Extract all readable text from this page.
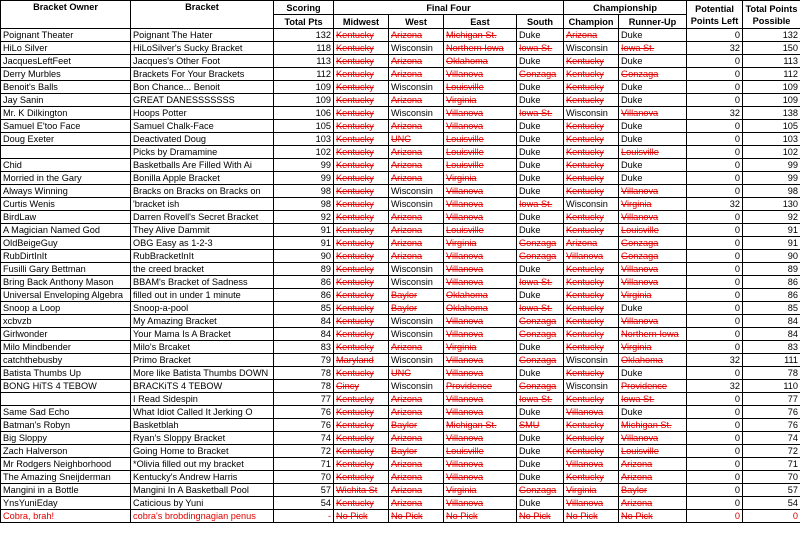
Bracket Owner	Bracket	Scoring	Final Four				Championship		Potential Points Left	Total Points Possible
		Total Pts	Midwest	West	East	South	Champion	Runner-Up		
Poignant Theater	Poignant The Hater	132	Kentucky	Arizona	Michigan St.	Duke	Arizona	Duke	0	132
HiLo Silver	HiLoSilver's Sucky Bracket	118	Kentucky	Wisconsin	Northern Iowa	Iowa St.	Wisconsin	Iowa St.	32	150
JacquesLeftFeet	Jacques's Other Foot	113	Kentucky	Arizona	Oklahoma	Duke	Kentucky	Duke	0	113
Derry Murbles	Brackets For Your Brackets	112	Kentucky	Arizona	Villanova	Gonzaga	Kentucky	Gonzaga	0	112
Benoit's Balls	Bon Chance... Benoit	109	Kentucky	Wisconsin	Louisville	Duke	Kentucky	Duke	0	109
Jay Sanin	GREAT DANESSSSSSS	109	Kentucky	Arizona	Virginia	Duke	Kentucky	Duke	0	109
Mr. K Dilkington	Hoops Potter	106	Kentucky	Wisconsin	Villanova	Iowa St.	Wisconsin	Villanova	32	138
Samuel E'too Face	Samuel Chalk-Face	105	Kentucky	Arizona	Villanova	Duke	Kentucky	Duke	0	105
Doug Exeter	Deactivated Doug	103	Kentucky	UNC	Louisville	Duke	Kentucky	Duke	0	103
	Picks by Dramamine	102	Kentucky	Arizona	Louisville	Duke	Kentucky	Louisville	0	102
Chid	Basketballs Are Filled With Ai	99	Kentucky	Arizona	Louisville	Duke	Kentucky	Duke	0	99
Morried in the Gary	Bonilla Apple Bracket	99	Kentucky	Arizona	Virginia	Duke	Kentucky	Duke	0	99
Always Winning	Bracks on Bracks on Bracks on	98	Kentucky	Wisconsin	Villanova	Duke	Kentucky	Villanova	0	98
Curtis Wenis	'bracket ish	98	Kentucky	Wisconsin	Villanova	Iowa St.	Wisconsin	Virginia	32	130
BirdLaw	Darren Rovell's Secret Bracket	92	Kentucky	Arizona	Villanova	Duke	Kentucky	Villanova	0	92
A Magician Named God	They Alive Dammit	91	Kentucky	Arizona	Louisville	Duke	Kentucky	Louisville	0	91
OldBeigeGuy	OBG Easy as 1-2-3	91	Kentucky	Arizona	Virginia	Gonzaga	Arizona	Gonzaga	0	91
RubDirtInIt	RubBracketInIt	90	Kentucky	Arizona	Villanova	Gonzaga	Villanova	Gonzaga	0	90
Fusilli Gary Bettman	the creed bracket	89	Kentucky	Wisconsin	Villanova	Duke	Kentucky	Villanova	0	89
Bring Back Anthony Mason	BBAM's Bracket of Sadness	86	Kentucky	Wisconsin	Villanova	Iowa St.	Kentucky	Villanova	0	86
Universal Enveloping Algebra	filled out in under 1 minute	86	Kentucky	Baylor	Oklahoma	Duke	Kentucky	Virginia	0	86
Snoop a Loop	Snoop-a-pool	85	Kentucky	Baylor	Oklahoma	Iowa St.	Kentucky	Duke	0	85
xcbvzb	My Amazing Bracket	84	Kentucky	Wisconsin	Villanova	Gonzaga	Kentucky	Villanova	0	84
Girlwonder	Your Mama Is A Bracket	84	Kentucky	Wisconsin	Villanova	Gonzaga	Kentucky	Northern Iowa	0	84
Milo Mindbender	Milo's Brcaket	83	Kentucky	Arizona	Virginia	Duke	Kentucky	Virginia	0	83
catchthebusby	Primo Bracket	79	Maryland	Wisconsin	Villanova	Gonzaga	Wisconsin	Oklahoma	32	111
Batista Thumbs Up	More like Batista Thumbs DOWN	78	Kentucky	UNC	Villanova	Duke	Kentucky	Duke	0	78
BONG HiTS 4 TEBOW	BRACKiTS 4 TEBOW	78	Cincy	Wisconsin	Providence	Gonzaga	Wisconsin	Providence	32	110
	I Read Sidespin	77	Kentucky	Arizona	Villanova	Iowa St.	Kentucky	Iowa St.	0	77
Same Sad Echo	What Idiot Called It Jerking O	76	Kentucky	Arizona	Villanova	Duke	Villanova	Duke	0	76
Batman's Robyn	Basketblah	76	Kentucky	Baylor	Michigan St.	SMU	Kentucky	Michigan St.	0	76
Big Sloppy	Ryan's Sloppy Bracket	74	Kentucky	Arizona	Villanova	Duke	Kentucky	Villanova	0	74
Zach Halverson	Going Home to Bracket	72	Kentucky	Baylor	Louisville	Duke	Kentucky	Louisville	0	72
Mr Rodgers Neighborhood	*Olivia filled out my bracket	71	Kentucky	Arizona	Villanova	Duke	Villanova	Arizona	0	71
The Amazing Sneijderman	Kentucky's Andrew Harris	70	Kentucky	Arizona	Villanova	Duke	Kentucky	Arizona	0	70
Mangini in a Bottle	Mangini In A Basketball Pool	57	Wichita St	Arizona	Virginia	Gonzaga	Virginia	Baylor	0	57
YnsYuniEday	Caticious by Yuni	54	Kentucky	Arizona	Villanova	Duke	Villanova	Arizona	0	54
Cobra, brah!	cobra's brobdingnagian penus	-	No Pick	No Pick	No Pick	No Pick	No Pick	No Pick	0	0
